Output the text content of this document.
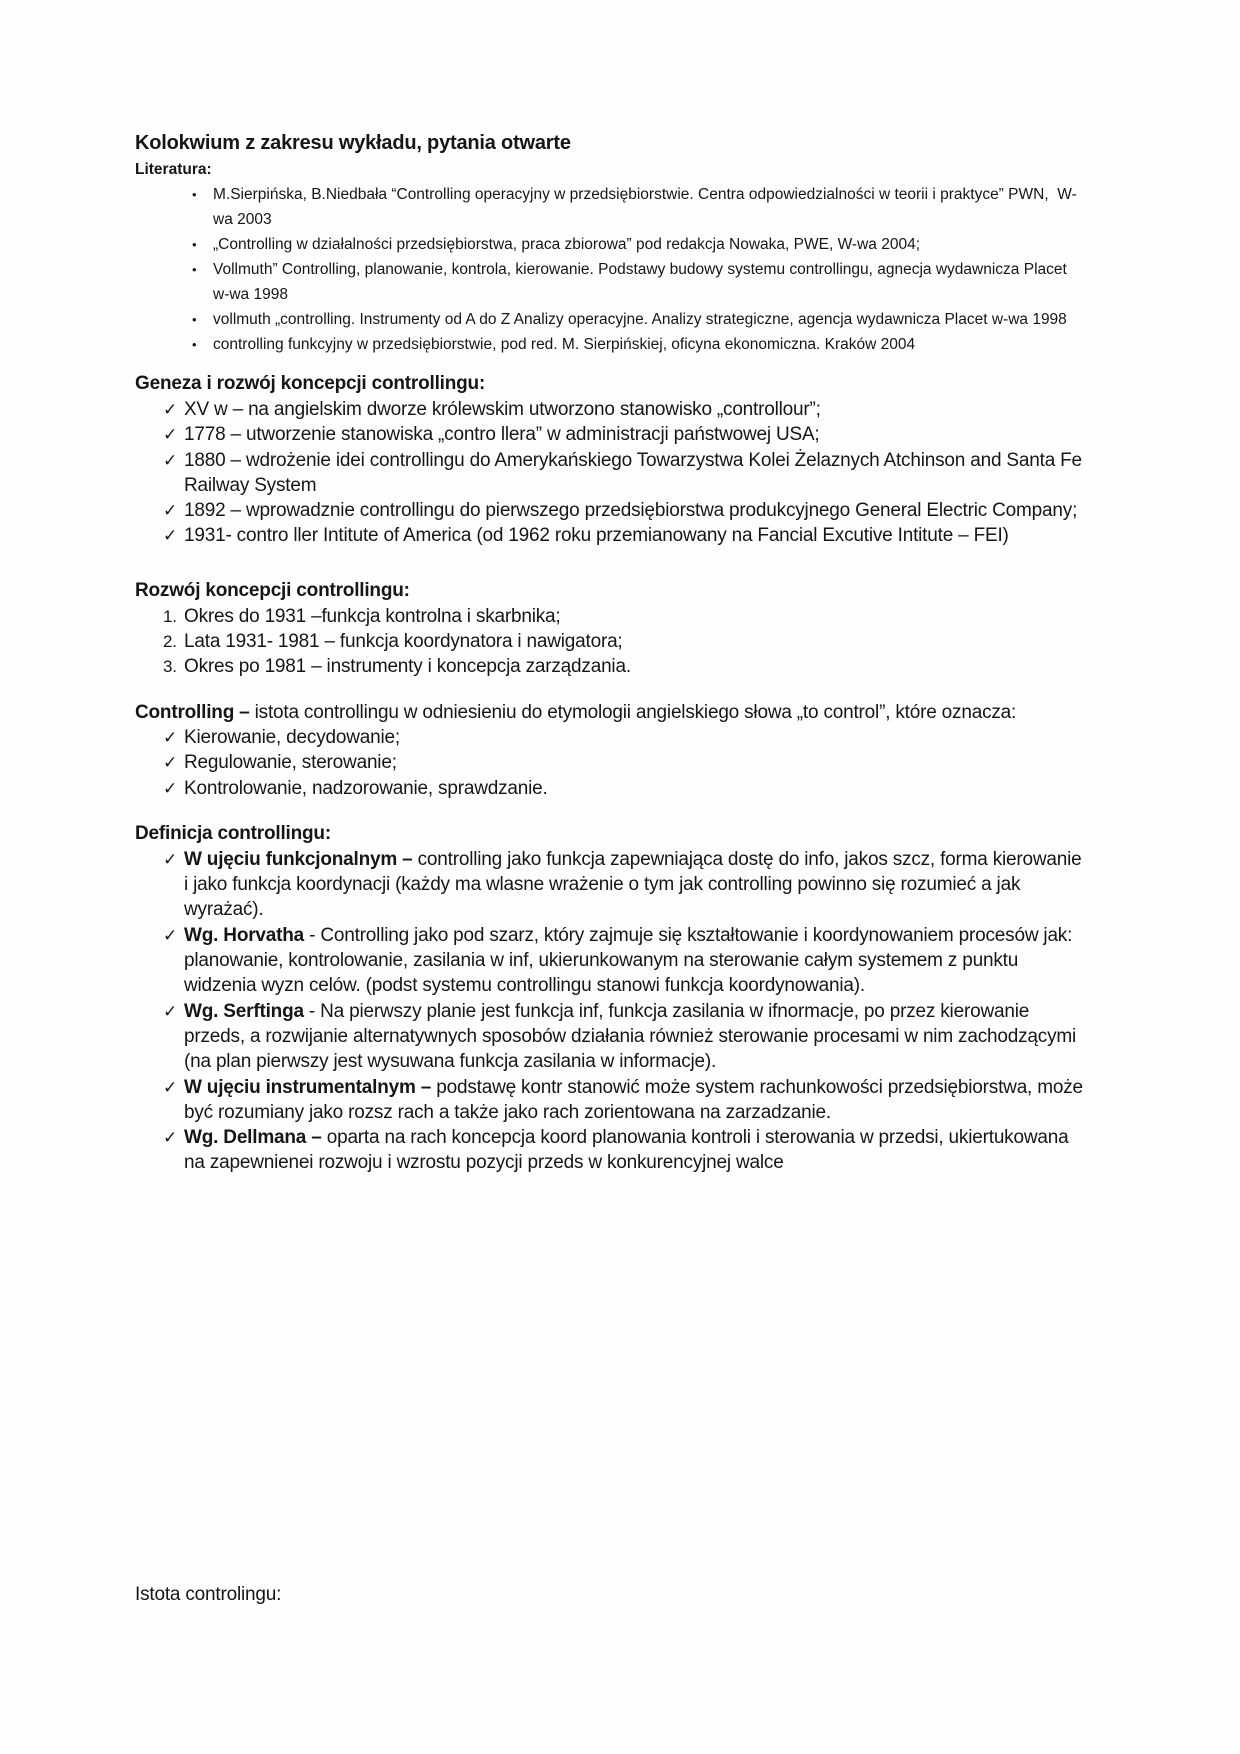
Kolokwium z zakresu wykładu, pytania otwarte

Literatura:

•	M.Sierpińska, B.Niedbała “Controlling operacyjny w przedsiębiorstwie. Centra odpowiedzialności w teorii i praktyce” PWN,  W-wa 2003
•	„Controlling w działalności przedsiębiorstwa, praca zbiorowa” pod redakcja Nowaka, PWE, W-wa 2004;
•	Vollmuth” Controlling, planowanie, kontrola, kierowanie. Podstawy budowy systemu controllingu, agnecja wydawnicza Placet w-wa 1998
•	vollmuth „controlling. Instrumenty od A do Z Analizy operacyjne. Analizy strategiczne, agencja wydawnicza Placet w-wa 1998
•	controlling funkcyjny w przedsiębiorstwie, pod red. M. Sierpińskiej, oficyna ekonomiczna. Kraków 2004

Geneza i rozwój koncepcji controllingu:

✓ XV w – na angielskim dworze królewskim utworzono stanowisko „controllour”;
✓ 1778 – utworzenie stanowiska „contro llera” w administracji państwowej USA;
✓ 1880 – wdrożenie idei controllingu do Amerykańskiego Towarzystwa Kolei Żelaznych Atchinson and Santa Fe Railway System
✓ 1892 – wprowadznie controllingu do pierwszego przedsiębiorstwa produkcyjnego General Electric Company;
✓ 1931- contro ller Intitute of America (od 1962 roku przemianowany na Fancial Excutive Intitute – FEI)

Rozwój koncepcji controllingu:

1. Okres do 1931 –funkcja kontrolna i skarbnika;
2. Lata 1931- 1981 – funkcja koordynatora i nawigatora;
3. Okres po 1981 – instrumenty i koncepcja zarządzania.

Controlling – istota controllingu w odniesieniu do etymologii angielskiego słowa „to control”, które oznacza:

✓ Kierowanie, decydowanie;
✓ Regulowanie, sterowanie;
✓ Kontrolowanie, nadzorowanie, sprawdzanie.

Definicja controllingu:

✓ W ujęciu funkcjonalnym – controlling jako funkcja zapewniająca dostę do info, jakos szcz, forma kierowanie i jako funkcja koordynacji (każdy ma wlasne wrażenie o tym jak controlling powinno się rozumieć a jak wyrażać).
✓ Wg. Horvatha - Controlling jako pod szarz, który zajmuje się kształtowanie i koordynowaniem procesów jak:  planowanie, kontrolowanie, zasilania w inf, ukierunkowanym na sterowanie całym systemem z punktu widzenia wyzn celów. (podst systemu controllingu stanowi funkcja koordynowania).
✓ Wg. Serftinga - Na pierwszy planie jest funkcja inf, funkcja zasilania w ifnormacje, po przez kierowanie przeds, a rozwijanie alternatywnych sposobów działania również sterowanie procesami w nim zachodzącymi (na plan pierwszy jest wysuwana funkcja zasilania w informacje).
✓ W ujęciu instrumentalnym – podstawę kontr stanowić może system rachunkowości przedsiębiorstwa, może być rozumiany jako rozsz rach a także jako rach zorientowana na zarzadzanie.
✓ Wg. Dellmana – oparta na rach koncepcja koord planowania kontroli i sterowania w przedsi, ukiertukowana na zapewnienei rozwoju i wzrostu pozycji przeds w konkurencyjnej walce

Istota controlingu:
